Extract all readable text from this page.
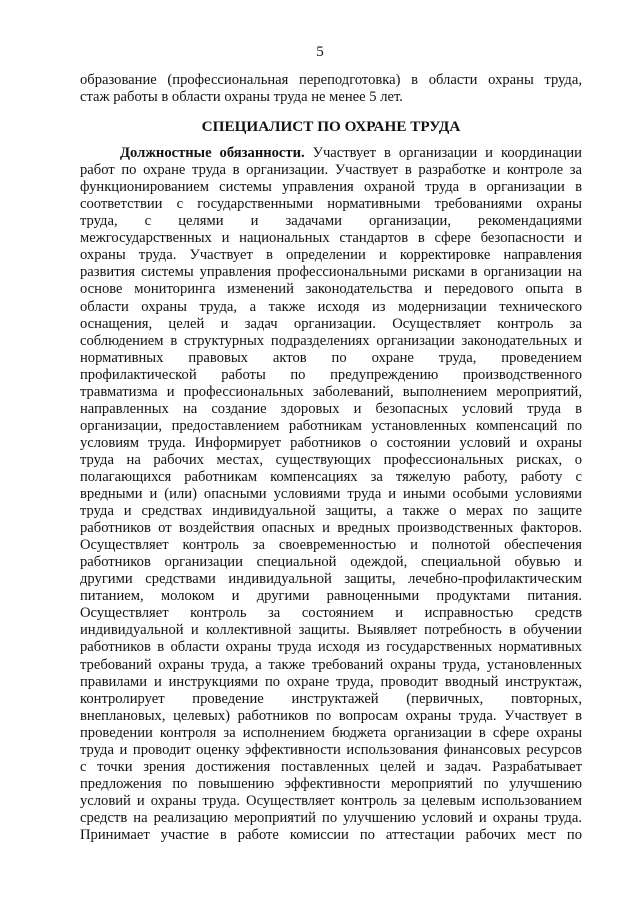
5

образование (профессиональная переподготовка) в области охраны труда,

стаж работы в области охраны труда не менее 5 лет.

СПЕЦИАЛИСТ ПО ОХРАНЕ ТРУДА

Должностные обязанности. Участвует в организации и координации

работ по охране труда в организации. Участвует в разработке и контроле за

функционированием системы управления охраной труда в организации в

соответствии с государственными нормативными требованиями охраны

труда, с целями и задачами организации, рекомендациями

межгосударственных и национальных стандартов в сфере безопасности и

охраны труда. Участвует в определении и корректировке направления

развития системы управления профессиональными рисками в организации на

основе мониторинга изменений законодательства и передового опыта в

области охраны труда, а также исходя из модернизации технического

оснащения, целей и задач организации. Осуществляет контроль за

соблюдением в структурных подразделениях организации законодательных и

нормативных правовых актов по охране труда, проведением

профилактической работы по предупреждению производственного

травматизма и профессиональных заболеваний, выполнением мероприятий,

направленных на создание здоровых и безопасных условий труда в

организации, предоставлением работникам установленных компенсаций по

условиям труда. Информирует работников о состоянии условий и охраны

труда на рабочих местах, существующих профессиональных рисках, о

полагающихся работникам компенсациях за тяжелую работу, работу с

вредными и (или) опасными условиями труда и иными особыми условиями

труда и средствах индивидуальной защиты, а также о мерах по защите

работников от воздействия опасных и вредных производственных факторов.

Осуществляет контроль за своевременностью и полнотой обеспечения

работников организации специальной одеждой, специальной обувью и

другими средствами индивидуальной защиты, лечебно-профилактическим

питанием, молоком и другими равноценными продуктами питания.

Осуществляет контроль за состоянием и исправностью средств

индивидуальной и коллективной защиты. Выявляет потребность в обучении

работников в области охраны труда исходя из государственных нормативных

требований охраны труда, а также требований охраны труда, установленных

правилами и инструкциями по охране труда, проводит вводный инструктаж,

контролирует проведение инструктажей (первичных, повторных,

внеплановых, целевых) работников по вопросам охраны труда. Участвует в

проведении контроля за исполнением бюджета организации в сфере охраны

труда и проводит оценку эффективности использования финансовых ресурсов

с точки зрения достижения поставленных целей и задач. Разрабатывает

предложения по повышению эффективности мероприятий по улучшению

условий и охраны труда. Осуществляет контроль за целевым использованием

средств на реализацию мероприятий по улучшению условий и охраны труда.

Принимает участие в работе комиссии по аттестации рабочих мест по
